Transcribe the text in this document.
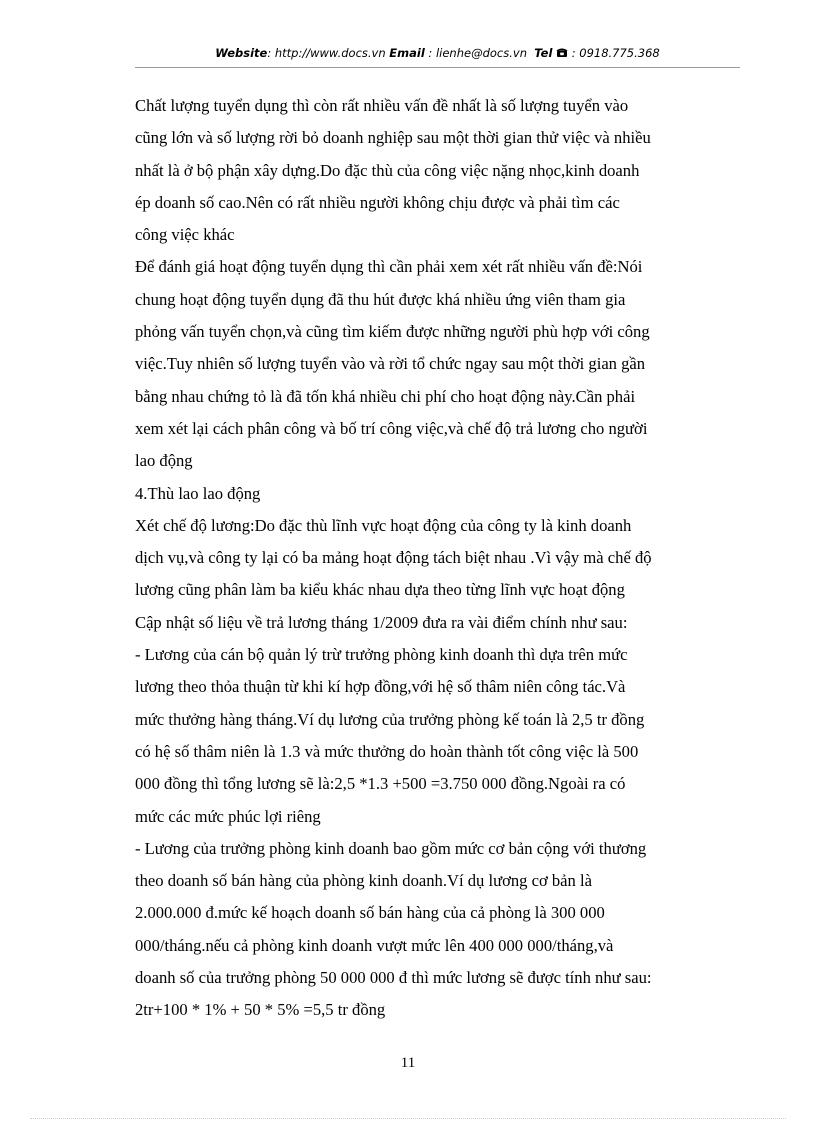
Website: http://www.docs.vn Email : lienhe@docs.vn Tel : 0918.775.368
Chất lượng tuyển dụng thì còn rất nhiều vấn đề nhất là số lượng tuyển vào
cũng lớn và số lượng rời bỏ doanh nghiệp sau một thời gian thử việc và nhiều
nhất là ở bộ phận xây dựng.Do đặc thù của công việc nặng nhọc,kinh doanh
ép doanh số cao.Nên có rất nhiều người không chịu được và phải tìm các
công việc khác
Để đánh giá hoạt động tuyển dụng thì cần phải xem xét rất nhiều vấn đề:Nói
chung hoạt động tuyển dụng đã thu hút được khá nhiều ứng viên tham gia
phỏng vấn tuyển chọn,và cũng tìm kiếm được những người phù hợp với công
việc.Tuy nhiên số lượng tuyển vào và rời tổ chức ngay sau một thời gian gần
bằng nhau chứng tỏ là đã tốn khá nhiều chi phí cho hoạt động này.Cần phải
xem xét lại cách phân công và bố trí công việc,và chế độ trả lương cho người
lao động
4.Thù lao lao động
Xét chế độ lương:Do đặc thù lĩnh vực hoạt động của công ty là kinh doanh
dịch vụ,và công ty lại có ba mảng hoạt động tách biệt nhau .Vì vậy mà chế độ
lương cũng phân làm ba kiểu khác nhau dựa theo từng lĩnh vực hoạt động
Cập nhật số liệu về trả lương tháng 1/2009 đưa ra vài điểm chính như sau:
- Lương của cán bộ quản lý trừ trưởng phòng kinh doanh thì dựa trên mức
lương theo thỏa thuận từ khi kí hợp đồng,với hệ số thâm niên công tác.Và
mức thưởng hàng tháng.Ví dụ lương của trưởng phòng kế toán là 2,5 tr đồng
có hệ số thâm niên là 1.3 và mức thưởng do hoàn thành tốt công việc là 500
000 đồng thì tổng lương sẽ là:2,5 *1.3 +500 =3.750 000 đồng.Ngoài ra có
mức các mức phúc lợi riêng
- Lương của trưởng phòng kinh doanh bao gồm mức cơ bản cộng với thương
theo doanh số bán hàng của phòng kinh doanh.Ví dụ lương cơ bản là
2.000.000 đ.mức kế hoạch doanh số bán hàng của cả phòng là 300 000
000/tháng.nếu cả phòng kinh doanh vượt mức lên 400 000 000/tháng,và
doanh số của trưởng phòng 50 000 000 đ thì mức lương sẽ được tính như sau:
2tr+100 * 1% + 50 * 5% =5,5 tr đồng
11
